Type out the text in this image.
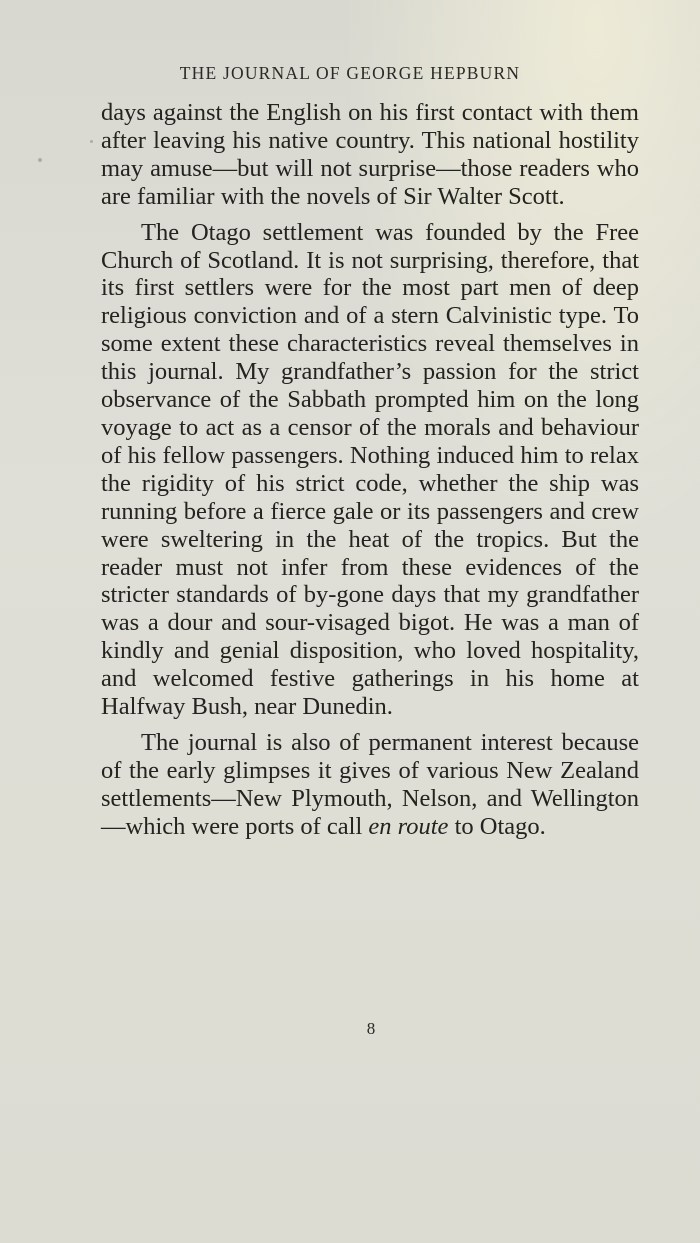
THE JOURNAL OF GEORGE HEPBURN

days against the English on his first contact with them after leaving his native country. This national hostility may amuse—but will not surprise—those readers who are familiar with the novels of Sir Walter Scott.

The Otago settlement was founded by the Free Church of Scotland. It is not surprising, therefore, that its first settlers were for the most part men of deep religious conviction and of a stern Calvinistic type. To some extent these characteristics reveal themselves in this journal. My grandfather’s passion for the strict observance of the Sabbath prompted him on the long voyage to act as a censor of the morals and behaviour of his fellow passengers. Nothing induced him to relax the rigidity of his strict code, whether the ship was running before a fierce gale or its passengers and crew were sweltering in the heat of the tropics. But the reader must not infer from these evidences of the stricter standards of by-gone days that my grandfather was a dour and sour-visaged bigot. He was a man of kindly and genial disposition, who loved hospitality, and welcomed festive gatherings in his home at Halfway Bush, near Dunedin.

The journal is also of permanent interest because of the early glimpses it gives of various New Zealand settlements—New Plymouth, Nelson, and Wellington—which were ports of call en route to Otago.

8
